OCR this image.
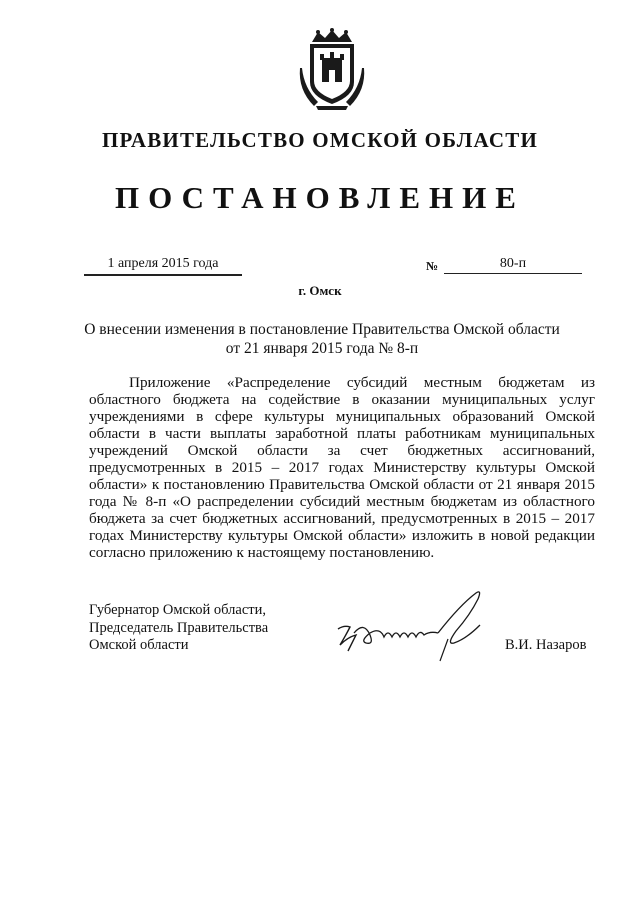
ПРАВИТЕЛЬСТВО ОМСКОЙ ОБЛАСТИ
ПОСТАНОВЛЕНИЕ
1 апреля 2015 года	№	80-п
г. Омск
О внесении изменения в постановление Правительства Омской области
от 21 января 2015 года № 8-п

Приложение «Распределение субсидий местным бюджетам из областного бюджета на содействие в оказании муниципальных услуг учреждениями в сфере культуры муниципальных образований Омской области в части выплаты заработной платы работникам муниципальных учреждений Омской области за счет бюджетных ассигнований, предусмотренных в 2015 – 2017 годах Министерству культуры Омской области» к постановлению Правительства Омской области от 21 января 2015 года № 8-п «О распределении субсидий местным бюджетам из областного бюджета за счет бюджетных ассигнований, предусмотренных в 2015 – 2017 годах Министерству культуры Омской области» изложить в новой редакции согласно приложению к настоящему постановлению.

Губернатор Омской области,
Председатель Правительства
Омской области	В.И. Назаров
